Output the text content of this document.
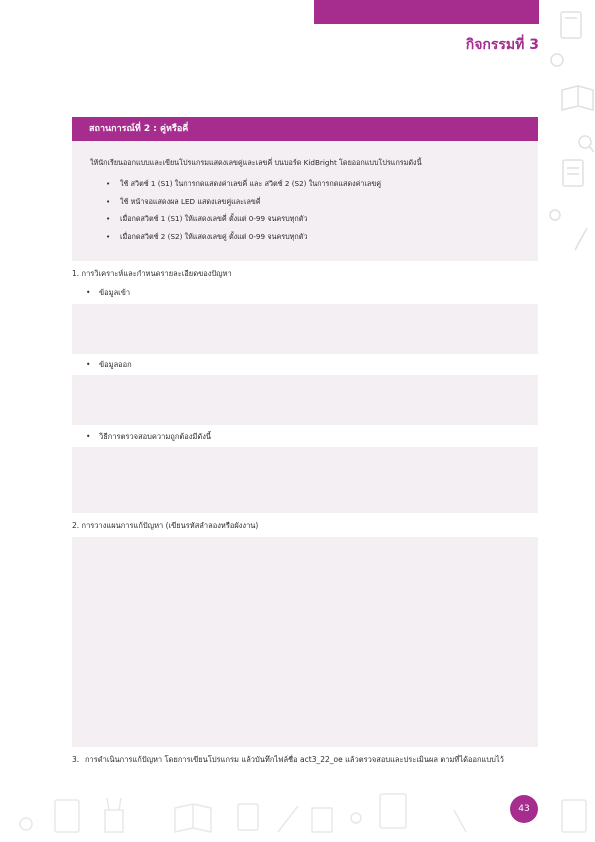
กิจกรรมที่ 3
สถานการณ์ที่ 2 : คู่หรือคี่
ให้นักเรียนออกแบบและเขียนโปรแกรมแสดงเลขคู่และเลขคี่ บนบอร์ด KidBright โดยออกแบบโปรแกรมดังนี้
• ใช้ สวิตช์ 1 (S1) ในการกดแสดงค่าเลขคี่ และ สวิตช์ 2 (S2) ในการกดแสดงค่าเลขคู่
• ใช้ หน้าจอแสดงผล LED แสดงเลขคู่และเลขคี่
• เมื่อกดสวิตช์ 1 (S1) ให้แสดงเลขคี่ ตั้งแต่ 0-99 จนครบทุกตัว
• เมื่อกดสวิตช์ 2 (S2) ให้แสดงเลขคู่ ตั้งแต่ 0-99 จนครบทุกตัว
1. การวิเคราะห์และกำหนดรายละเอียดของปัญหา
• ข้อมูลเข้า
• ข้อมูลออก
• วิธีการตรวจสอบความถูกต้องมีดังนี้
2. การวางแผนการแก้ปัญหา (เขียนรหัสลำลองหรือผังงาน)
3. การดำเนินการแก้ปัญหา โดยการเขียนโปรแกรม แล้วบันทึกไฟล์ชื่อ act3_22_oe แล้วตรวจสอบและประเมินผล ตามที่ได้ออกแบบไว้
43
